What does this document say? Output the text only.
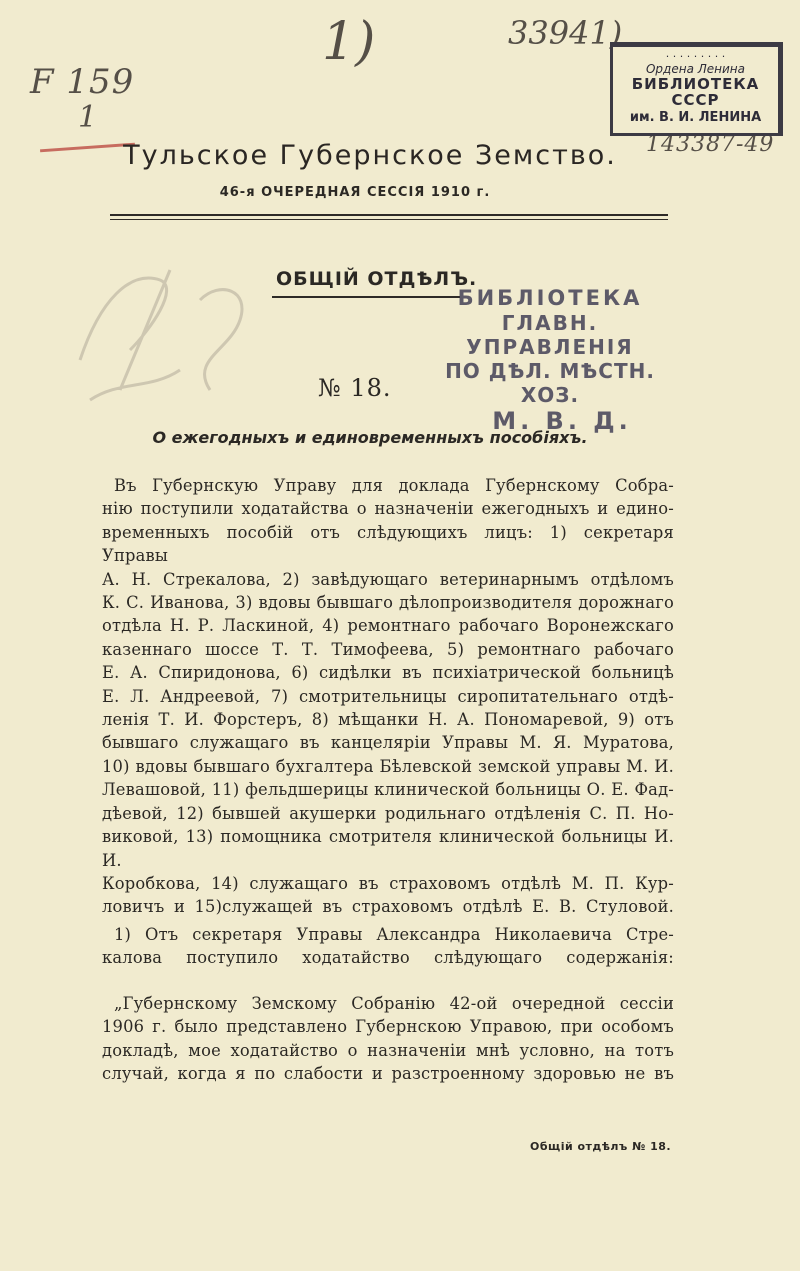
F 159
1
1)	33941)
143387-49
· · · · · · · · ·
Ордена Ленина
БИБЛИОТЕКА СССР
им. В. И. ЛЕНИНА
Тульское Губернское Земство.
46-я ОЧЕРЕДНАЯ СЕССІЯ 1910 г.
ОБЩІЙ ОТДѢЛЪ.
БИБЛІОТЕКА
ГЛАВН. УПРАВЛЕНІЯ
ПО ДѢЛ. МѢСТН. ХОЗ.
М. В. Д.
№ 18.
О ежегодныхъ и единовременныхъ пособіяхъ.
Въ Губернскую Управу для доклада Губернскому Собра-
нію поступили ходатайства о назначеніи ежегодныхъ и едино-
временныхъ пособій отъ слѣдующихъ лицъ: 1) секретаря Управы
А. Н. Стрекалова, 2) завѣдующаго ветеринарнымъ отдѣломъ
К. С. Иванова, 3) вдовы бывшаго дѣлопроизводителя дорожнаго
отдѣла Н. Р. Ласкиной, 4) ремонтнаго рабочаго Воронежскаго
казеннаго шоссе Т. Т. Тимофеева, 5) ремонтнаго рабочаго
Е. А. Спиридонова, 6) сидѣлки въ психіатрической больницѣ
Е. Л. Андреевой, 7) смотрительницы сиропитательнаго отдѣ-
ленія Т. И. Форстеръ, 8) мѣщанки Н. А. Пономаревой, 9) отъ
бывшаго служащаго въ канцеляріи Управы М. Я. Муратова,
10) вдовы бывшаго бухгалтера Бѣлевской земской управы М. И.
Левашовой, 11) фельдшерицы клинической больницы О. Е. Фад-
дѣевой, 12) бывшей акушерки родильнаго отдѣленія С. П. Но-
виковой, 13) помощника смотрителя клинической больницы И. И.
Коробкова, 14) служащаго въ страховомъ отдѣлѣ М. П. Кур-
ловичъ и 15)служащей въ страховомъ отдѣлѣ Е. В. Стуловой.
1) Отъ секретаря Управы Александра Николаевича Стре-
калова поступило ходатайство слѣдующаго содержанія:
„Губернскому Земскому Собранію 42-ой очередной сессіи
1906 г. было представлено Губернскою Управою, при особомъ
докладѣ, мое ходатайство о назначеніи мнѣ условно, на тотъ
случай, когда я по слабости и разстроенному здоровью не въ
Общій отдѣлъ № 18.
